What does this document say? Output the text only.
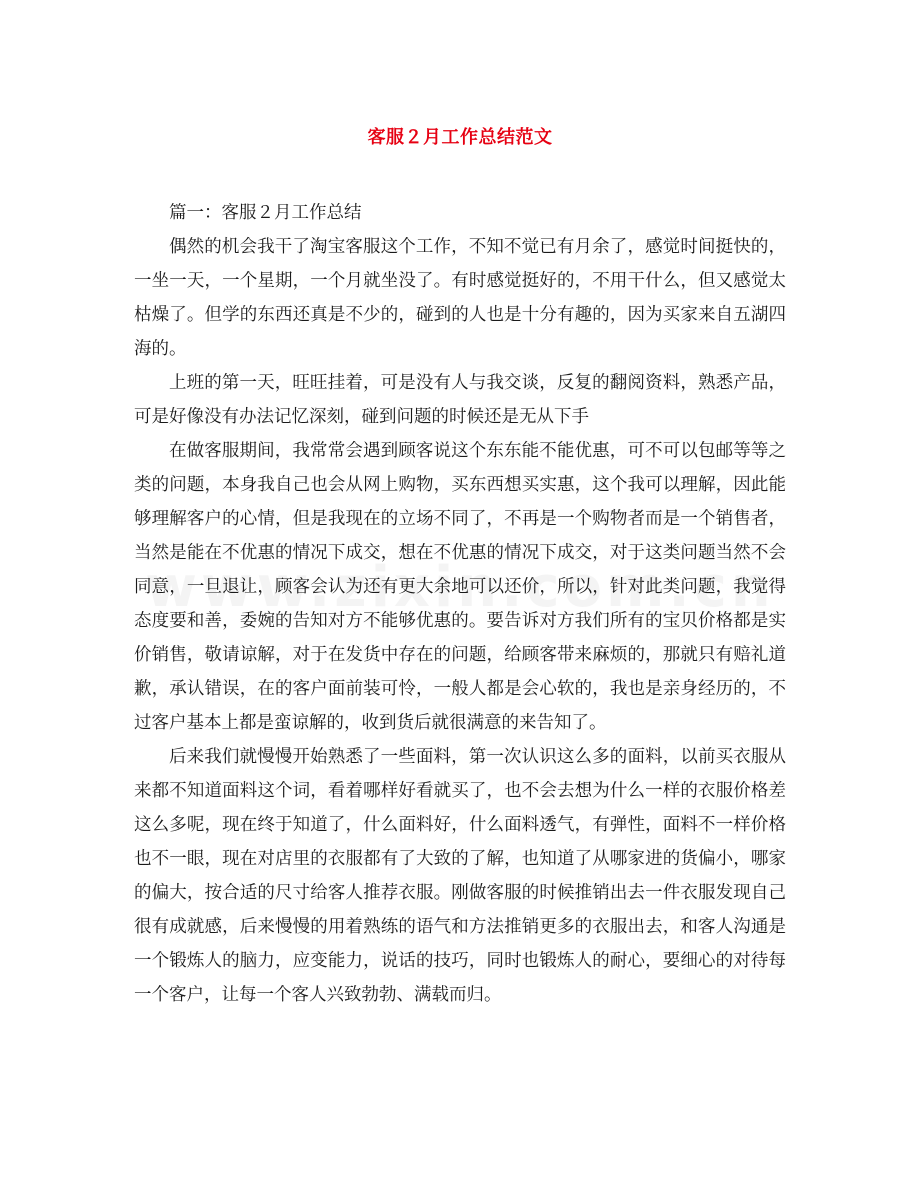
客服２月工作总结范文

篇一：客服２月工作总结

偶然的机会我干了淘宝客服这个工作，不知不觉已有月余了，感觉时间挺快的，一坐一天，一个星期，一个月就坐没了。有时感觉挺好的，不用干什么，但又感觉太枯燥了。但学的东西还真是不少的，碰到的人也是十分有趣的，因为买家来自五湖四海的。

上班的第一天，旺旺挂着，可是没有人与我交谈，反复的翻阅资料，熟悉产品，可是好像没有办法记忆深刻，碰到问题的时候还是无从下手

在做客服期间，我常常会遇到顾客说这个东东能不能优惠，可不可以包邮等等之类的问题，本身我自己也会从网上购物，买东西想买实惠，这个我可以理解，因此能够理解客户的心情，但是我现在的立场不同了，不再是一个购物者而是一个销售者，当然是能在不优惠的情况下成交，想在不优惠的情况下成交，对于这类问题当然不会同意，一旦退让，顾客会认为还有更大余地可以还价，所以，针对此类问题，我觉得态度要和善，委婉的告知对方不能够优惠的。要告诉对方我们所有的宝贝价格都是实价销售，敬请谅解，对于在发货中存在的问题，给顾客带来麻烦的，那就只有赔礼道歉，承认错误，在的客户面前装可怜，一般人都是会心软的，我也是亲身经历的，不过客户基本上都是蛮谅解的，收到货后就很满意的来告知了。

后来我们就慢慢开始熟悉了一些面料，第一次认识这么多的面料，以前买衣服从来都不知道面料这个词，看着哪样好看就买了，也不会去想为什么一样的衣服价格差这么多呢，现在终于知道了，什么面料好，什么面料透气，有弹性，面料不一样价格也不一眼，现在对店里的衣服都有了大致的了解，也知道了从哪家进的货偏小，哪家的偏大，按合适的尺寸给客人推荐衣服。刚做客服的时候推销出去一件衣服发现自己很有成就感，后来慢慢的用着熟练的语气和方法推销更多的衣服出去，和客人沟通是一个锻炼人的脑力，应变能力，说话的技巧，同时也锻炼人的耐心，要细心的对待每一个客户，让每一个客人兴致勃勃、满载而归。
